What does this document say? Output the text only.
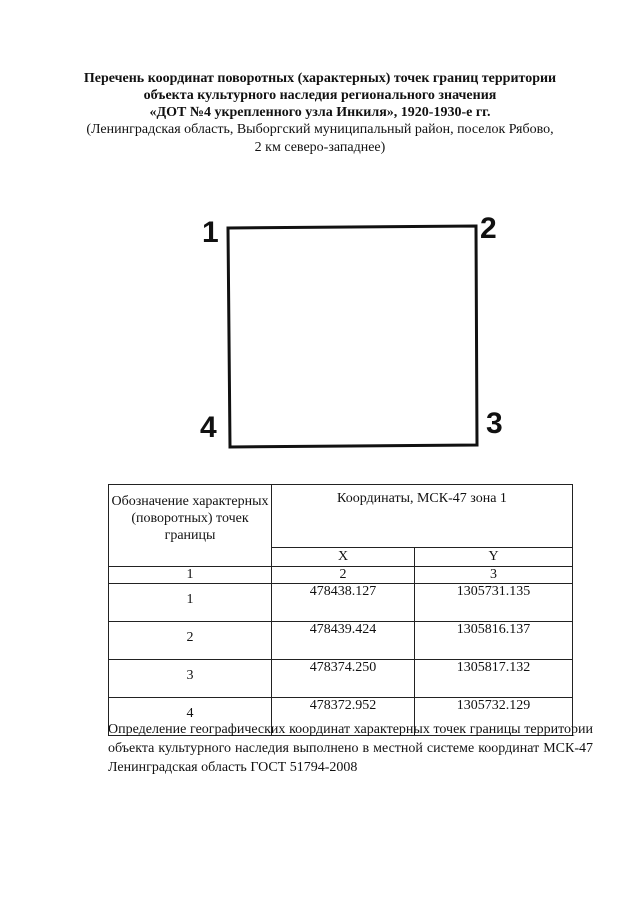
Перечень координат поворотных (характерных) точек границ территории
объекта культурного наследия регионального значения
«ДОТ №4 укрепленного узла Инкиля», 1920-1930-е гг.
(Ленинградская область, Выборгский муниципальный район, поселок Рябово,
2 км северо-западнее)
1	2
3
4
Обозначение характерных (поворотных) точек границы	Координаты, МСК-47 зона 1	
	X	Y
1	2	3
1	478438.127	1305731.135
2	478439.424	1305816.137
3	478374.250	1305817.132
4	478372.952	1305732.129
Определение географических координат характерных точек границы территории объекта культурного наследия выполнено в местной системе координат МСК-47 Ленинградская область ГОСТ 51794-2008
